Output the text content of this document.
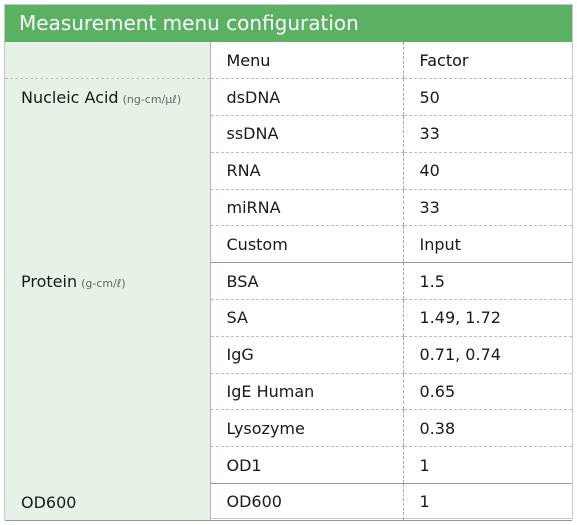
Measurement menu configuration
	Menu	Factor
Nucleic Acid (ng-cm/μℓ)	dsDNA	50
	ssDNA	33
	RNA	40
	miRNA	33
	Custom	Input
Protein (g-cm/ℓ)	BSA	1.5
	SA	1.49, 1.72
	IgG	0.71, 0.74
	IgE Human	0.65
	Lysozyme	0.38
	OD1	1
OD600	OD600	1
